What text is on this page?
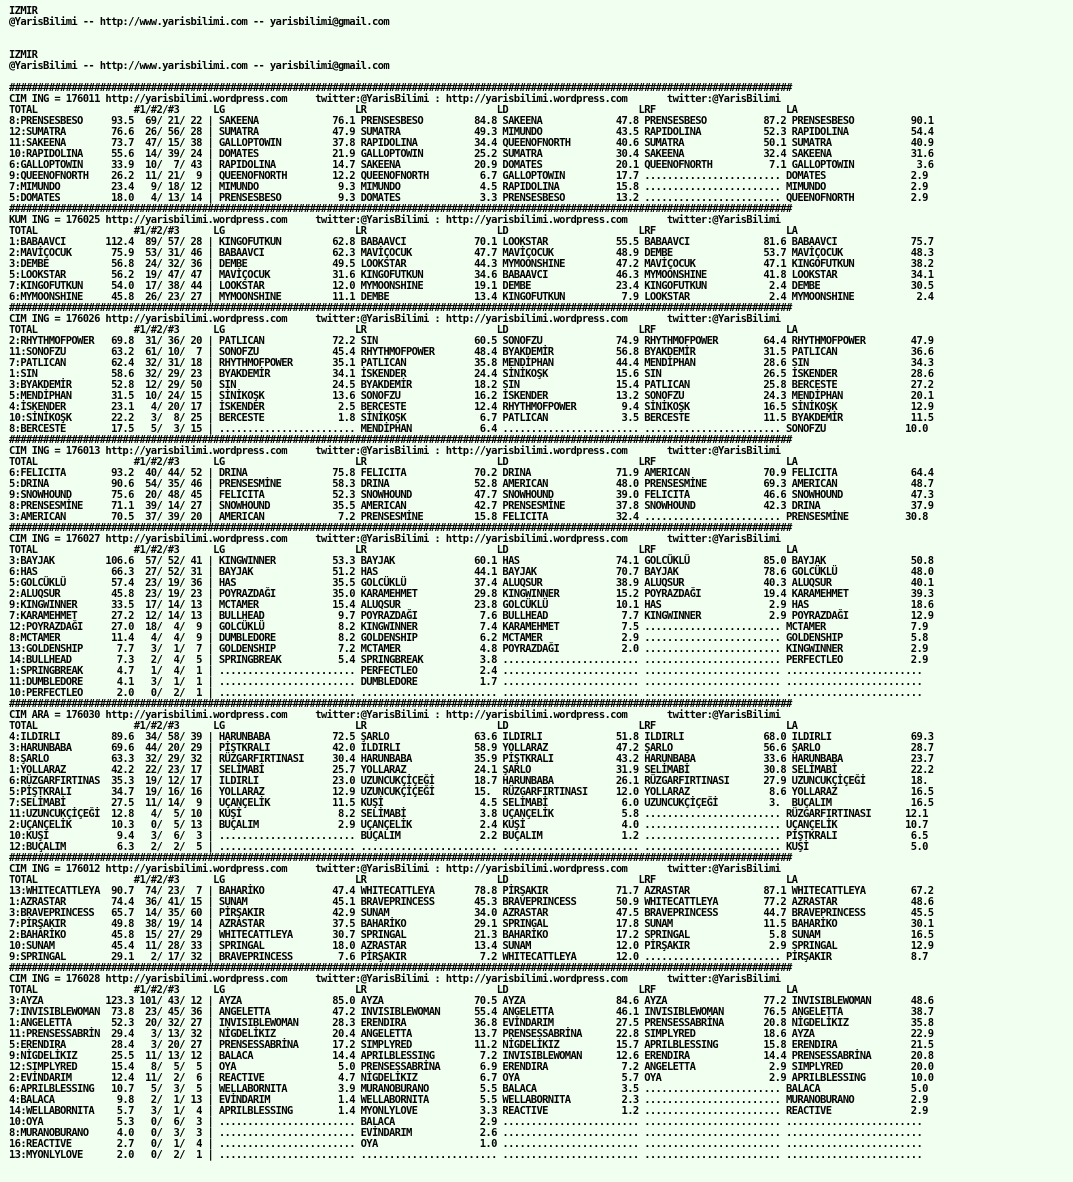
IZMIR
@YarisBilimi -- http://www.yarisbilimi.com -- yarisbilimi@gmail.com
IZMIR
@YarisBilimi -- http://www.yarisbilimi.com -- yarisbilimi@gmail.com
##########################################################################################################################################
CIM ING = 176011 http://yarisbilimi.wordpress.com     twitter:@YarisBilimi : http://yarisbilimi.wordpress.com       twitter:@YarisBilimi
TOTAL                 #1/#2/#3      LG                       LR                       LD                       LRF                       LA
8:PRENSESBESO     93.5  69/ 21/ 22 | SAKEENA             76.1 PRENSESBESO         84.8 SAKEENA             47.8 PRENSESBESO          87.2 PRENSESBESO          90.1
12:SUMATRA        76.6  26/ 56/ 28 | SUMATRA             47.9 SUMATRA             49.3 MIMUNDO             43.5 RAPIDOLINA           52.3 RAPIDOLINA           54.4
11:SAKEENA        73.7  47/ 15/ 38 | GALLOPTOWIN         37.8 RAPIDOLINA          34.4 QUEENOFNORTH        40.6 SUMATRA              50.1 SUMATRA              40.9
10:RAPIDOLINA     55.6  14/ 39/ 24 | DOMATES             21.9 GALLOPTOWIN         25.2 SUMATRA             30.4 SAKEENA              32.4 SAKEENA              31.6
6:GALLOPTOWIN     33.9  10/  7/ 43 | RAPIDOLINA          14.7 SAKEENA             20.9 DOMATES             20.1 QUEENOFNORTH          7.1 GALLOPTOWIN           3.6
9:QUEENOFNORTH    26.2  11/ 21/  9 | QUEENOFNORTH        12.2 QUEENOFNORTH         6.7 GALLOPTOWIN         17.7 ........................ DOMATES               2.9
7:MIMUNDO         23.4   9/ 18/ 12 | MIMUNDO              9.3 MIMUNDO              4.5 RAPIDOLINA          15.8 ........................ MIMUNDO               2.9
5:DOMATES         18.0   4/ 13/ 14 | PRENSESBESO          9.3 DOMATES              3.3 PRENSESBESO         13.2 ........................ QUEENOFNORTH          2.9
##########################################################################################################################################
KUM ING = 176025 http://yarisbilimi.wordpress.com     twitter:@YarisBilimi : http://yarisbilimi.wordpress.com       twitter:@YarisBilimi
TOTAL                 #1/#2/#3      LG                       LR                       LD                       LRF                       LA
1:BABAAVCI       112.4  89/ 57/ 28 | KINGOFUTKUN         62.8 BABAAVCI            70.1 LOOKSTAR            55.5 BABAAVCI             81.6 BABAAVCI             75.7
2:MAVİÇOCUK       75.9  53/ 31/ 46 | BABAAVCI            62.3 MAVİÇOCUK           47.7 MAVİÇOCUK           48.9 DEMBE                53.7 MAVİÇOCUK            48.3
3:DEMBE           56.8  24/ 32/ 36 | DEMBE               49.5 LOOKSTAR            44.3 MYMOONSHINE         47.2 MAVİÇOCUK            47.1 KINGOFUTKUN          38.2
5:LOOKSTAR        56.2  19/ 47/ 47 | MAVİÇOCUK           31.6 KINGOFUTKUN         34.6 BABAAVCI            46.3 MYMOONSHINE          41.8 LOOKSTAR             34.1
7:KINGOFUTKUN     54.0  17/ 38/ 44 | LOOKSTAR            12.0 MYMOONSHINE         19.1 DEMBE               23.4 KINGOFUTKUN           2.4 DEMBE                30.5
6:MYMOONSHINE     45.8  26/ 23/ 27 | MYMOONSHINE         11.1 DEMBE               13.4 KINGOFUTKUN          7.9 LOOKSTAR              2.4 MYMOONSHINE           2.4
##########################################################################################################################################
CIM ING = 176026 http://yarisbilimi.wordpress.com     twitter:@YarisBilimi : http://yarisbilimi.wordpress.com       twitter:@YarisBilimi
TOTAL                 #1/#2/#3      LG                       LR                       LD                       LRF                       LA
2:RHYTHMOFPOWER   69.8  31/ 36/ 20 | PATLICAN            72.2 SIN                 60.5 SONOFZU             74.9 RHYTHMOFPOWER        64.4 RHYTHMOFPOWER        47.9
11:SONOFZU        63.2  61/ 10/  7 | SONOFZU             45.4 RHYTHMOFPOWER       48.4 BYAKDEMİR           56.8 BYAKDEMİR            31.5 PATLICAN             36.6
7:PATLICAN        62.4  32/ 31/ 18 | RHYTHMOFPOWER       35.1 PATLICAN            35.8 MENDİPHAN           44.4 MENDİPHAN            28.6 SIN                  34.3
1:SIN             58.6  32/ 29/ 23 | BYAKDEMİR           34.1 İSKENDER            24.4 SİNİKOŞK            15.6 SIN                  26.5 İSKENDER             28.6
3:BYAKDEMİR       52.8  12/ 29/ 50 | SIN                 24.5 BYAKDEMİR           18.2 SIN                 15.4 PATLICAN             25.8 BERCESTE             27.2
5:MENDİPHAN       31.5  10/ 24/ 15 | SİNİKOŞK            13.6 SONOFZU             16.2 İSKENDER            13.2 SONOFZU              24.3 MENDİPHAN            20.1
4:İSKENDER        23.1   4/ 20/ 17 | İSKENDER             2.5 BERCESTE            12.4 RHYTHMOFPOWER        9.4 SİNİKOŞK             16.5 SİNİKOŞK             12.9
10:SİNİKOŞK       22.2   3/  8/ 25 | BERCESTE             1.8 SİNİKOŞK             6.7 PATLICAN             3.5 BERCESTE             11.5 BYAKDEMİR            11.5
8:BERCESTE        17.5   5/  3/ 15 | ........................ MENDİPHAN            6.4 ........................ ........................ SONOFZU              10.0
##########################################################################################################################################
CIM ING = 176013 http://yarisbilimi.wordpress.com     twitter:@YarisBilimi : http://yarisbilimi.wordpress.com       twitter:@YarisBilimi
TOTAL                 #1/#2/#3      LG                       LR                       LD                       LRF                       LA
6:FELICITA        93.2  40/ 44/ 52 | DRINA               75.8 FELICITA            70.2 DRINA               71.9 AMERICAN             70.9 FELICITA             64.4
5:DRINA           90.6  54/ 35/ 46 | PRENSESMİNE         58.3 DRINA               52.8 AMERICAN            48.0 PRENSESMİNE          69.3 AMERICAN             48.7
9:SNOWHOUND       75.6  20/ 48/ 45 | FELICITA            52.3 SNOWHOUND           47.7 SNOWHOUND           39.0 FELICITA             46.6 SNOWHOUND            47.3
8:PRENSESMİNE     71.1  39/ 14/ 27 | SNOWHOUND           35.5 AMERICAN            42.7 PRENSESMİNE         37.8 SNOWHOUND            42.3 DRINA                37.9
3:AMERICAN        70.5  37/ 39/ 20 | AMERICAN             7.2 PRENSESMİNE         15.8 FELICITA            32.4 ........................ PRENSESMİNE          30.8
##########################################################################################################################################
CIM ING = 176027 http://yarisbilimi.wordpress.com     twitter:@YarisBilimi : http://yarisbilimi.wordpress.com       twitter:@YarisBilimi
TOTAL                 #1/#2/#3      LG                       LR                       LD                       LRF                       LA
3:BAYJAK         106.6  57/ 52/ 41 | KINGWINNER          53.3 BAYJAK              60.1 HAS                 74.1 GOLCÜKLÜ             85.0 BAYJAK               50.8
6:HAS             66.3  27/ 52/ 31 | BAYJAK              51.2 HAS                 44.1 BAYJAK              70.7 BAYJAK               78.6 GOLCÜKLÜ             48.0
5:GOLCÜKLÜ        57.4  23/ 19/ 36 | HAS                 35.5 GOLCÜKLÜ            37.4 ALUQSUR             38.9 ALUQSUR              40.3 ALUQSUR              40.1
2:ALUQSUR         45.8  23/ 19/ 23 | POYRAZDAĞI          35.0 KARAMEHMET          29.8 KINGWINNER          15.2 POYRAZDAĞI           19.4 KARAMEHMET           39.3
9:KINGWINNER      33.5  17/ 14/ 13 | MCTAMER             15.4 ALUQSUR             23.8 GOLCÜKLÜ            10.1 HAS                   2.9 HAS                  18.6
7:KARAMEHMET      27.2  12/ 14/ 13 | BULLHEAD             9.7 POYRAZDAĞI           7.6 BULLHEAD             7.7 KINGWINNER            2.9 POYRAZDAĞI           12.9
12:POYRAZDAĞI     27.0  18/  4/  9 | GOLCÜKLÜ             8.2 KINGWINNER           7.4 KARAMEHMET           7.5 ........................ MCTAMER               7.9
8:MCTAMER         11.4   4/  4/  9 | DUMBLEDORE           8.2 GOLDENSHIP           6.2 MCTAMER              2.9 ........................ GOLDENSHIP            5.8
13:GOLDENSHIP      7.7   3/  1/  7 | GOLDENSHIP           7.2 MCTAMER              4.8 POYRAZDAĞI           2.0 ........................ KINGWINNER            2.9
14:BULLHEAD        7.3   2/  4/  5 | SPRINGBREAK          5.4 SPRINGBREAK          3.8 ........................ ........................ PERFECTLEO            2.9
1:SPRINGBREAK      4.7   1/  4/  1 | ........................ PERFECTLEO           2.4 ........................ ........................ ........................
11:DUMBLEDORE      4.1   3/  1/  1 | ........................ DUMBLEDORE           1.7 ........................ ........................ ........................
10:PERFECTLEO      2.0   0/  2/  1 | ........................ ........................ ........................ ........................ ........................
##########################################################################################################################################
CIM ARA = 176030 http://yarisbilimi.wordpress.com     twitter:@YarisBilimi : http://yarisbilimi.wordpress.com       twitter:@YarisBilimi
TOTAL                 #1/#2/#3      LG                       LR                       LD                       LRF                       LA
4:ILDIRLI         89.6  34/ 58/ 39 | HARUNBABA           72.5 ŞARLO               63.6 ILDIRLI             51.8 ILDIRLI              68.0 ILDIRLI              69.3
3:HARUNBABA       69.6  44/ 20/ 29 | PİŞTKRALI           42.0 ILDIRLI             58.9 YOLLARAZ            47.2 ŞARLO                56.6 ŞARLO                28.7
8:ŞARLO           63.3  32/ 29/ 32 | RÜZGARFIRTINASI     30.4 HARUNBABA           35.9 PİŞTKRALI           43.2 HARUNBABA            33.6 HARUNBABA            23.7
1:YOLLARAZ        42.2  22/ 23/ 17 | SELİMABİ            25.7 YOLLARAZ            24.1 ŞARLO               31.9 SELİMABİ             30.8 SELİMABİ             22.2
6:RÜZGARFIRTINAS  35.3  19/ 12/ 17 | ILDIRLI             23.0 UZUNCUKÇİÇEĞİ       18.7 HARUNBABA           26.1 RÜZGARFIRTINASI      27.9 UZUNCUKÇİÇEĞİ        18.
5:PİŞTKRALI       34.7  19/ 16/ 16 | YOLLARAZ            12.9 UZUNCUKÇİÇEĞİ       15.  RÜZGARFIRTINASI     12.0 YOLLARAZ              8.6 YOLLARAZ             16.5
7:SELİMABİ        27.5  11/ 14/  9 | UÇANÇELİK           11.5 KUŞİ                 4.5 SELİMABİ             6.0 UZUNCUKÇİÇEĞİ         3.  BUÇALIM              16.5
11:UZUNCUKÇİÇEĞİ  12.8   4/  5/ 10 | KUŞİ                 8.2 SELİMABİ             3.8 UÇANÇELİK            5.8 ........................ RÜZGARFIRTINASI      12.1
2:UÇANÇELİK       10.3   0/  5/ 13 | BUÇALIM              2.9 UÇANÇELİK            2.4 KUŞİ                 4.0 ........................ UÇANÇELİK            10.7
10:KUŞİ            9.4   3/  6/  3 | ........................ BUÇALIM              2.2 BUÇALIM              1.2 ........................ PİŞTKRALI             6.5
12:BUÇALIM         6.3   2/  2/  5 | ........................ ........................ ........................ ........................ KUŞİ                  5.0
##########################################################################################################################################
CIM ING = 176012 http://yarisbilimi.wordpress.com     twitter:@YarisBilimi : http://yarisbilimi.wordpress.com       twitter:@YarisBilimi
TOTAL                 #1/#2/#3      LG                       LR                       LD                       LRF                       LA
13:WHITECATTLEYA  90.7  74/ 23/  7 | BAHARİKO            47.4 WHITECATTLEYA       78.8 PİRŞAKIR            71.7 AZRASTAR             87.1 WHITECATTLEYA        67.2
1:AZRASTAR        74.4  36/ 41/ 15 | SUNAM               45.1 BRAVEPRINCESS       45.3 BRAVEPRINCESS       50.9 WHITECATTLEYA        77.2 AZRASTAR             48.6
3:BRAVEPRINCESS   65.7  14/ 35/ 60 | PİRŞAKIR            42.9 SUNAM               34.0 AZRASTAR            47.5 BRAVEPRINCESS        44.7 BRAVEPRINCESS        45.5
7:PİRŞAKIR        49.8  38/ 19/ 14 | AZRASTAR            37.5 BAHARİKO            29.1 SPRINGAL            17.8 SUNAM                11.5 BAHARİKO             30.1
2:BAHARİKO        45.8  15/ 27/ 29 | WHITECATTLEYA       30.7 SPRINGAL            21.3 BAHARİKO            17.2 SPRINGAL              5.8 SUNAM                16.5
10:SUNAM          45.4  11/ 28/ 33 | SPRINGAL            18.0 AZRASTAR            13.4 SUNAM               12.0 PİRŞAKIR              2.9 SPRINGAL             12.9
9:SPRINGAL        29.1   2/ 17/ 32 | BRAVEPRINCESS        7.6 PİRŞAKIR             7.2 WHITECATTLEYA       12.0 ........................ PİRŞAKIR              8.7
##########################################################################################################################################
CIM ING = 176028 http://yarisbilimi.wordpress.com     twitter:@YarisBilimi : http://yarisbilimi.wordpress.com       twitter:@YarisBilimi
TOTAL                 #1/#2/#3      LG                       LR                       LD                       LRF                       LA
3:AYZA           123.3 101/ 43/ 12 | AYZA                85.0 AYZA                70.5 AYZA                84.6 AYZA                 77.2 INVISIBLEWOMAN       48.6
7:INVISIBLEWOMAN  73.8  23/ 45/ 36 | ANGELETTA           47.2 INVISIBLEWOMAN      55.4 ANGELETTA           46.1 INVISIBLEWOMAN       76.5 ANGELETTA            38.7
1:ANGELETTA       52.3  20/ 32/ 27 | INVISIBLEWOMAN      28.3 ERENDIRA            36.8 EVİNDARIM           27.5 PRENSESSABRİNA       20.8 NİGDELİKIZ           35.8
11:PRENSESSABRİN  29.4   3/ 13/ 32 | NİGDELİKIZ          20.4 ANGELETTA           13.7 PRENSESSABRİNA      22.8 SIMPLYRED            18.6 AYZA                 22.9
5:ERENDIRA        28.4   3/ 20/ 27 | PRENSESSABRİNA      17.2 SIMPLYRED           11.2 NİGDELİKIZ          15.7 APRILBLESSING        15.8 ERENDIRA             21.5
9:NİGDELİKIZ      25.5  11/ 13/ 12 | BALACA              14.4 APRILBLESSING        7.2 INVISIBLEWOMAN      12.6 ERENDIRA             14.4 PRENSESSABRİNA       20.8
12:SIMPLYRED      15.4   8/  5/  5 | OYA                  5.0 PRENSESSABRİNA       6.9 ERENDIRA             7.2 ANGELETTA             2.9 SIMPLYRED            20.0
2:EVİNDARIM       12.4  11/  2/  6 | REACTIVE             4.7 NİGDELİKIZ           6.7 OYA                  5.7 OYA                   2.9 APRILBLESSING        10.0
6:APRILBLESSING   10.7   5/  3/  5 | WELLABORNITA         3.9 MURANOBURANO         5.5 BALACA               3.5 ........................ BALACA                5.0
4:BALACA           9.8   2/  1/ 13 | EVİNDARIM            1.4 WELLABORNITA         5.5 WELLABORNITA         2.3 ........................ MURANOBURANO          2.9
14:WELLABORNITA    5.7   3/  1/  4 | APRILBLESSING        1.4 MYONLYLOVE           3.3 REACTIVE             1.2 ........................ REACTIVE              2.9
10:OYA             5.3   0/  6/  3 | ........................ BALACA               2.9 ........................ ........................ ........................
8:MURANOBURANO     4.0   0/  3/  3 | ........................ EVİNDARIM            2.6 ........................ ........................ ........................
16:REACTIVE        2.7   0/  1/  4 | ........................ OYA                  1.0 ........................ ........................ ........................
13:MYONLYLOVE      2.0   0/  2/  1 | ........................ ........................ ........................ ........................ ........................
